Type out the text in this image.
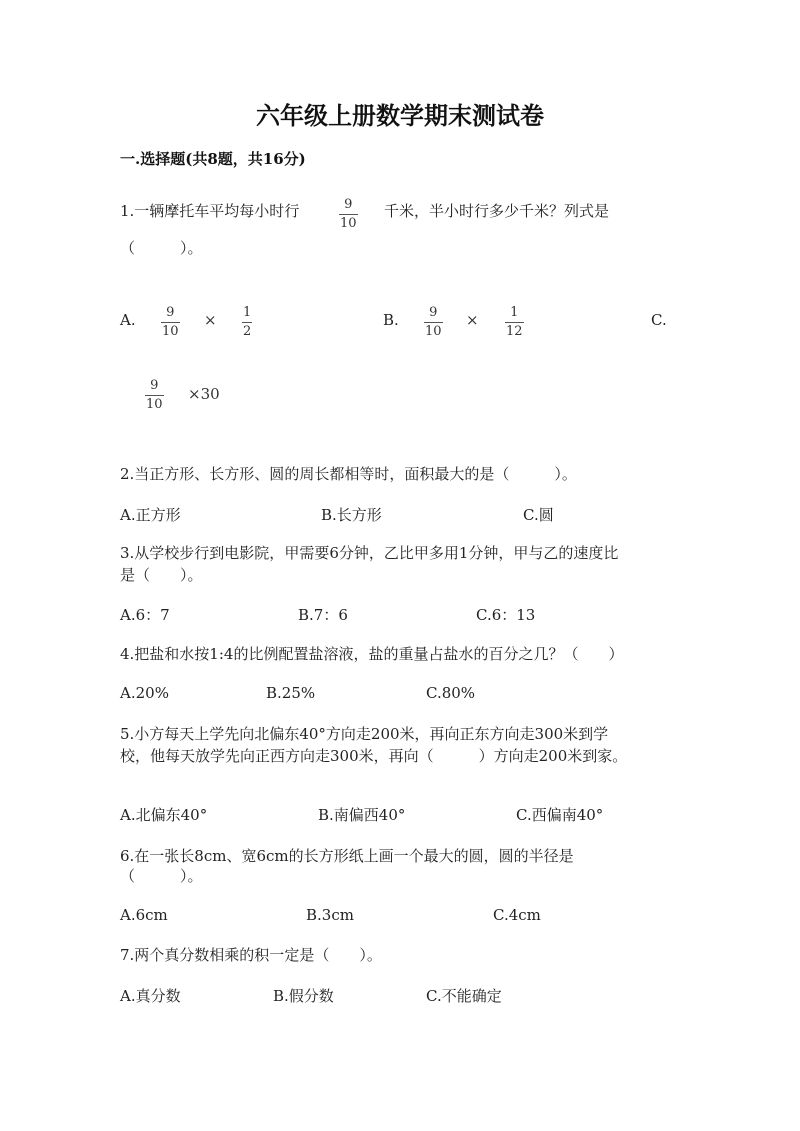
六年级上册数学期末测试卷
一.选择题(共8题，共16分)
1.一辆摩托车平均每小时行	9
10
千米，半小时行多少千米？列式是
（　　　）。
A.	9
10
× 1
2
B.	9
10
×	1
12
C.
9
10
×30
2.当正方形、长方形、圆的周长都相等时，面积最大的是（　　　）。
A.正方形	B.长方形	C.圆
3.从学校步行到电影院，甲需要6分钟，乙比甲多用1分钟，甲与乙的速度比
是（　　）。
A.6：7	B.7：6	C.6：13
4.把盐和水按1:4的比例配置盐溶液，盐的重量占盐水的百分之几？（　　）
A.20%	B.25%	C.80%
5.小方每天上学先向北偏东40°方向走200米，再向正东方向走300米到学
校，他每天放学先向正西方向走300米，再向（　　　）方向走200米到家。
A.北偏东40°	B.南偏西40°	C.西偏南40°
6.在一张长8cm、宽6cm的长方形纸上画一个最大的圆，圆的半径是
（　　　）。
A.6cm	B.3cm	C.4cm
7.两个真分数相乘的积一定是（　　）。
A.真分数	B.假分数	C.不能确定
